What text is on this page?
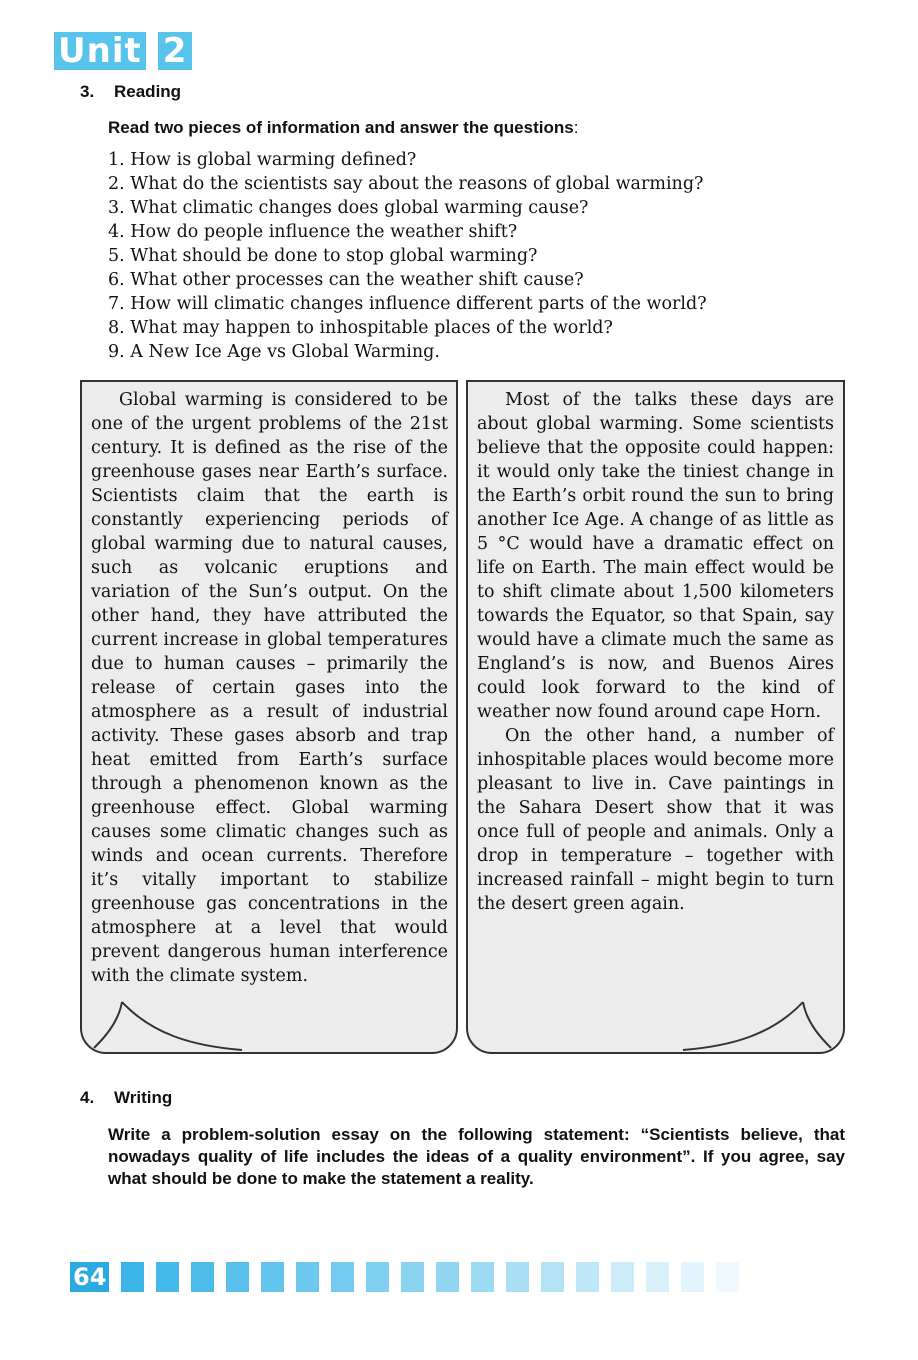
Unit 2
3. Reading
Read two pieces of information and answer the questions:
1. How is global warming defined?
2. What do the scientists say about the reasons of global warming?
3. What climatic changes does global warming cause?
4. How do people influence the weather shift?
5. What should be done to stop global warming?
6. What other processes can the weather shift cause?
7. How will climatic changes influence different parts of the world?
8. What may happen to inhospitable places of the world?
9. A New Ice Age vs Global Warming.

Global warming is considered to be one of the urgent problems of the 21st century. It is defined as the rise of the greenhouse gases near Earth’s surface. Scientists claim that the earth is constantly experiencing periods of global warming due to natural causes, such as volcanic eruptions and variation of the Sun’s output. On the other hand, they have attributed the current increase in global temperatures due to human causes – primarily the release of certain gases into the atmosphere as a result of industrial activity. These gases absorb and trap heat emitted from Earth’s surface through a phenomenon known as the greenhouse effect. Global warming causes some climatic changes such as winds and ocean currents. Therefore it’s vitally important to stabilize greenhouse gas concentrations in the atmosphere at a level that would prevent dangerous human interference with the climate system.

Most of the talks these days are about global warming. Some scientists believe that the opposite could happen: it would only take the tiniest change in the Earth’s orbit round the sun to bring another Ice Age. A change of as little as 5 °C would have a dramatic effect on life on Earth. The main effect would be to shift climate about 1,500 kilometers towards the Equator, so that Spain, say would have a climate much the same as England’s is now, and Buenos Aires could look forward to the kind of weather now found around cape Horn.

On the other hand, a number of inhospitable places would become more pleasant to live in. Cave paintings in the Sahara Desert show that it was once full of people and animals. Only a drop in temperature – together with increased rainfall – might begin to turn the desert green again.

4. Writing
Write a problem-solution essay on the following statement: “Scientists believe, that nowadays quality of life includes the ideas of a quality environment”. If you agree, say what should be done to make the statement a reality.
64
